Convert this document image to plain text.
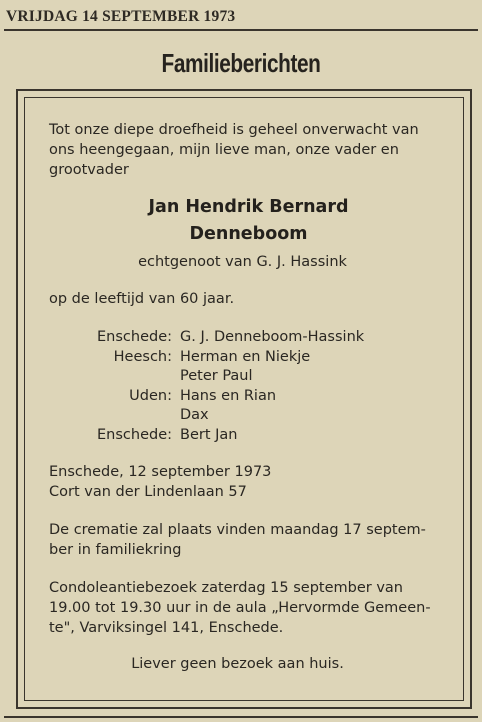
VRIJDAG 14 SEPTEMBER 1973
Familieberichten

Tot onze diepe droefheid is geheel onverwacht van
ons heengegaan, mijn lieve man, onze vader en
grootvader

Jan Hendrik Bernard
Denneboom
echtgenoot van G. J. Hassink
op de leeftijd van 60 jaar.
Enschede:	G. J. Denneboom-Hassink
Heesch:	Herman en Niekje
	Peter Paul
Uden:	Hans en Rian
	Dax
Enschede:	Bert Jan

Enschede, 12 september 1973

Cort van der Lindenlaan 57

De crematie zal plaats vinden maandag 17 septem-
ber in familiekring
Condoleantiebezoek zaterdag 15 september van
19.00 tot 19.30 uur in de aula „Hervormde Gemeen-
te", Varviksingel 141, Enschede.
Liever geen bezoek aan huis.
